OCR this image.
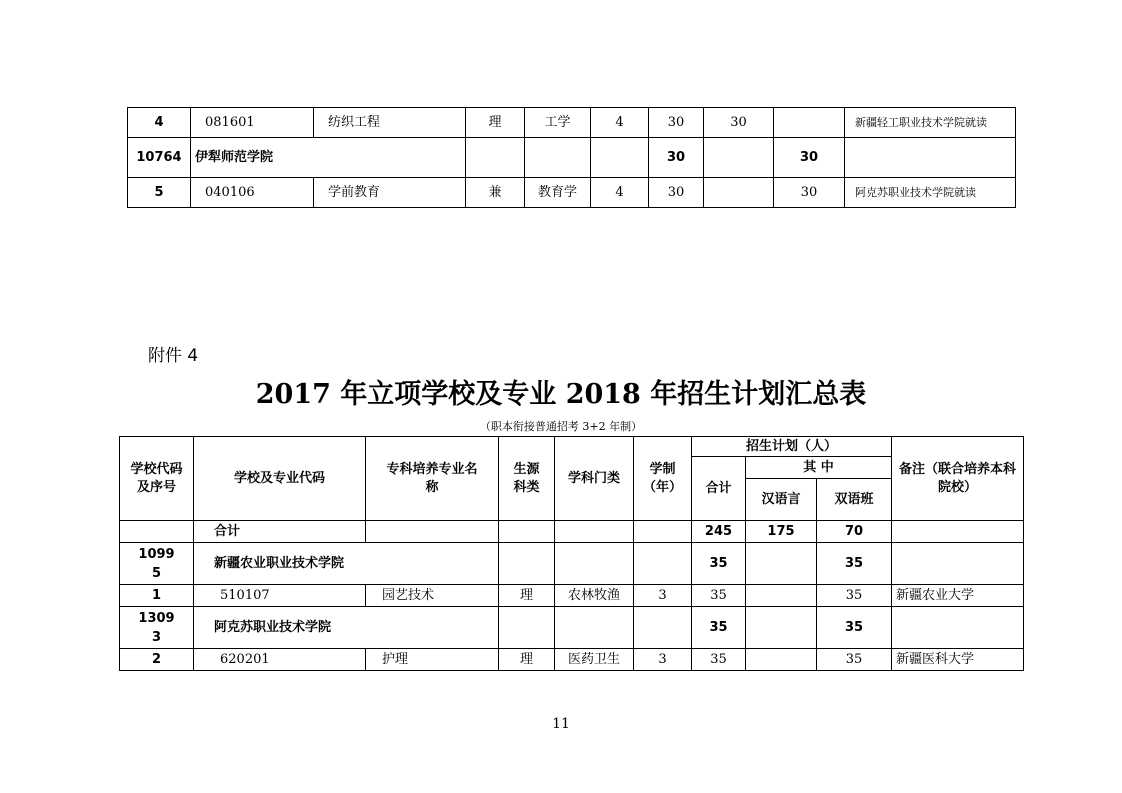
4	081601	纺织工程	理	工学	4	30	30		新疆轻工职业技术学院就读
10764	伊犁师范学院					30		30	
5	040106	学前教育	兼	教育学	4	30		30	阿克苏职业技术学院就读
附件 4
2017 年立项学校及专业 2018 年招生计划汇总表
（职本衔接普通招考 3+2 年制）
学校代码及序号	学校及专业代码	专科培养专业名称	生源科类	学科门类	学制（年）	招生计划（人）			备注（联合培养本科院校）
						合计	其 中		
							汉语言	双语班	
	合计					245	175	70	
10995	新疆农业职业技术学院					35		35	
1	510107	园艺技术	理	农林牧渔	3	35		35	新疆农业大学
13093	阿克苏职业技术学院					35		35	
2	620201	护理	理	医药卫生	3	35		35	新疆医科大学
11
